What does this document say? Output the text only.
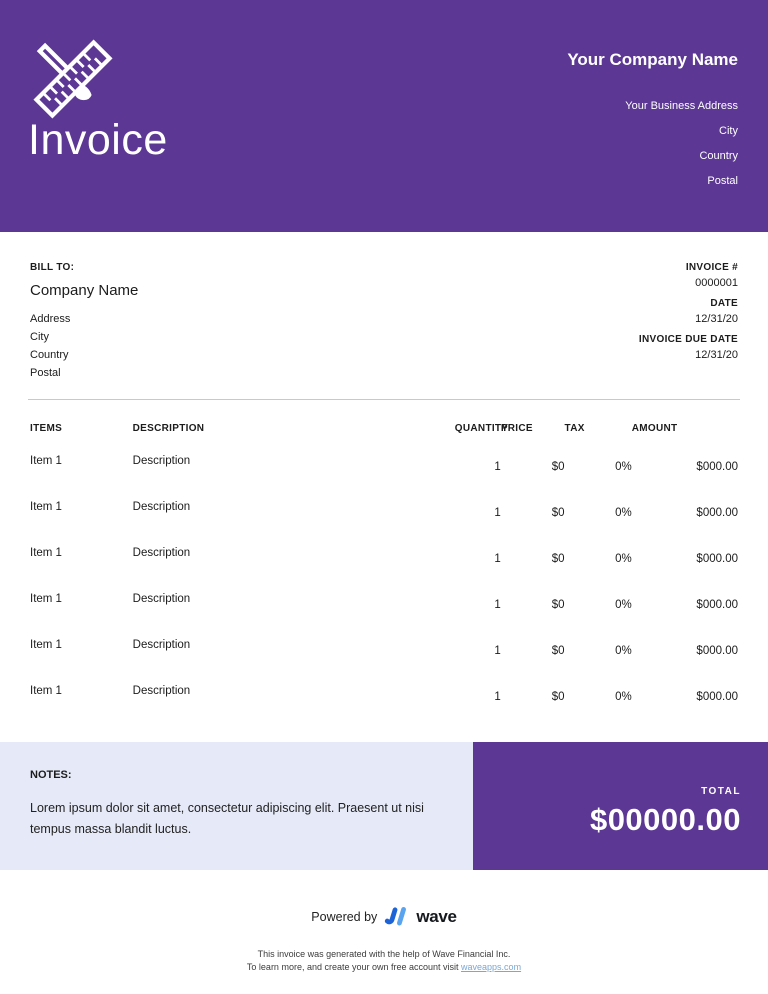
Invoice
Your Company Name
Your Business Address
City
Country
Postal
BILL TO:
Company Name
Address
City
Country
Postal
INVOICE #
0000001
DATE
12/31/20
INVOICE DUE DATE
12/31/20
ITEMS	DESCRIPTION	QUANTITY	PRICE	TAX	AMOUNT
Item 1	Description	1	$0	0%	$000.00
Item 1	Description	1	$0	0%	$000.00
Item 1	Description	1	$0	0%	$000.00
Item 1	Description	1	$0	0%	$000.00
Item 1	Description	1	$0	0%	$000.00
Item 1	Description	1	$0	0%	$000.00
NOTES:
Lorem ipsum dolor sit amet, consectetur adipiscing elit. Praesent ut nisi tempus massa blandit luctus.
TOTAL
$00000.00
Powered by wave
This invoice was generated with the help of Wave Financial Inc.
To learn more, and create your own free account visit waveapps.com
